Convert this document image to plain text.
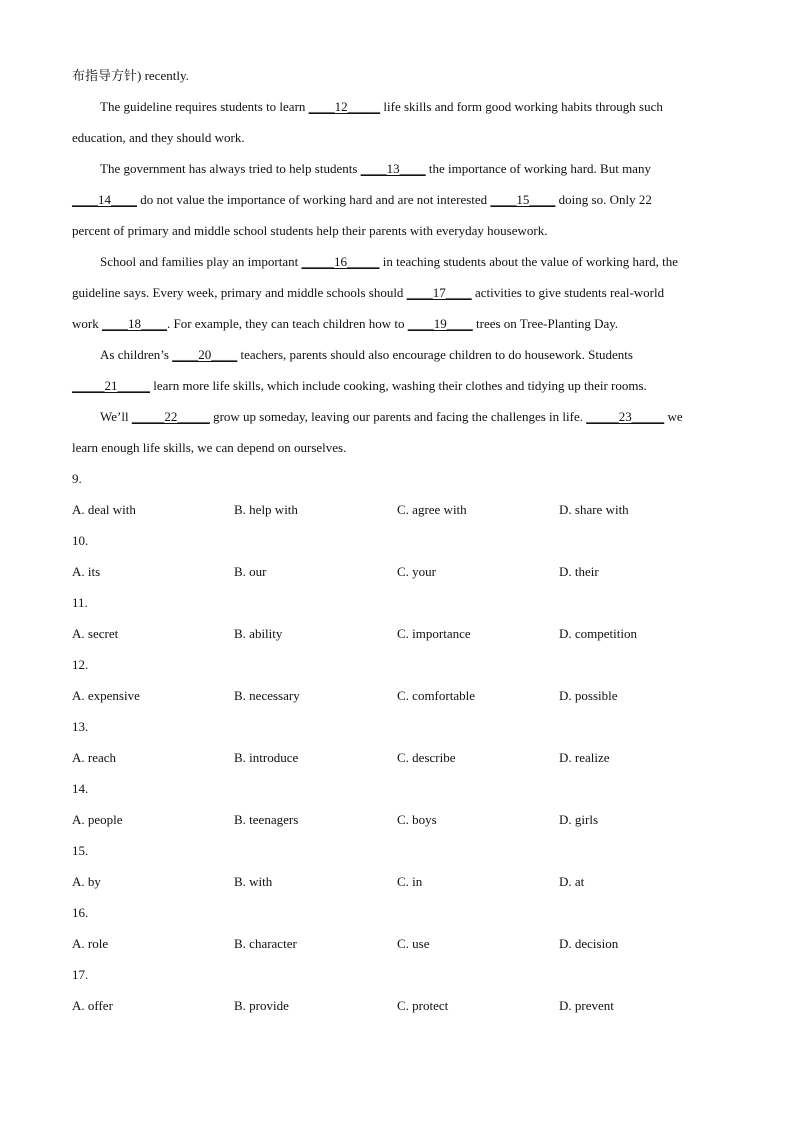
布指导方针) recently.
The guideline requires students to learn ____12_____ life skills and form good working habits through such
education, and they should work.
The government has always tried to help students ____13____ the importance of working hard. But many
____14____ do not value the importance of working hard and are not interested ____15____ doing so. Only 22
percent of primary and middle school students help their parents with everyday housework.
School and families play an important _____16_____ in teaching students about the value of working hard, the
guideline says. Every week, primary and middle schools should ____17____ activities to give students real-world
work ____18____. For example, they can teach children how to ____19____ trees on Tree-Planting Day.
As children’s ____20____ teachers, parents should also encourage children to do housework. Students
_____21_____ learn more life skills, which include cooking, washing their clothes and tidying up their rooms.
We’ll _____22_____ grow up someday, leaving our parents and facing the challenges in life. _____23_____ we
learn enough life skills, we can depend on ourselves.
9.
A. deal with	B. help with	C. agree with	D. share with
10.
A. its	B. our	C. your	D. their
11.
A. secret	B. ability	C. importance	D. competition
12.
A. expensive	B. necessary	C. comfortable	D. possible
13.
A. reach	B. introduce	C. describe	D. realize
14.
A. people	B. teenagers	C. boys	D. girls
15.
A. by	B. with	C. in	D. at
16.
A. role	B. character	C. use	D. decision
17.
A. offer	B. provide	C. protect	D. prevent
